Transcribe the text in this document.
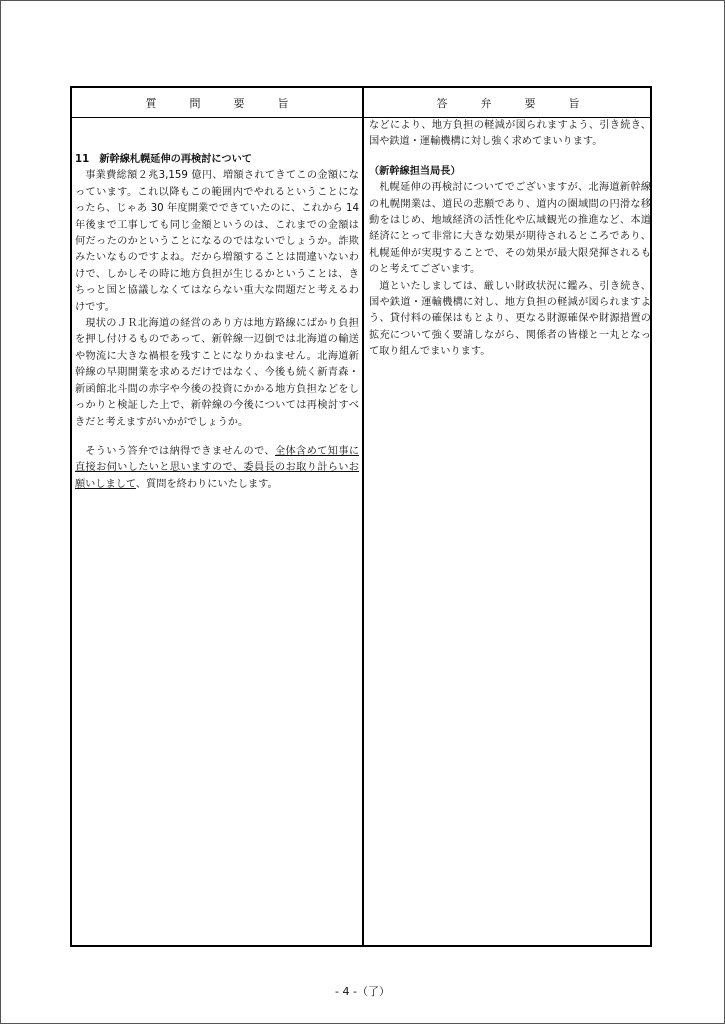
質　　　問　　　要　　　旨	答　　　弁　　　要　　　旨

11　新幹線札幌延伸の再検討について

事業費総額２兆3,159 億円、増額されてきてこの金額になっています。これ以降もこの範囲内でやれるということになったら、じゃあ 30 年度開業でできていたのに、これから 14 年後まで工事しても同じ金額というのは、これまでの金額は何だったのかということになるのではないでしょうか。詐欺みたいなものですよね。だから増額することは間違いないわけで、しかしその時に地方負担が生じるかということは、きちっと国と協議しなくてはならない重大な問題だと考えるわけです。

現状のＪＲ北海道の経営のあり方は地方路線にばかり負担を押し付けるものであって、新幹線一辺倒では北海道の輸送や物流に大きな禍根を残すことになりかねません。北海道新幹線の早期開業を求めるだけではなく、今後も続く新青森・新函館北斗間の赤字や今後の投資にかかる地方負担などをしっかりと検証した上で、新幹線の今後については再検討すべきだと考えますがいかがでしょうか。

そういう答弁では納得できませんので、全体含めて知事に直接お伺いしたいと思いますので、委員長のお取り計らいお願いしまして、質問を終わりにいたします。

などにより、地方負担の軽減が図られますよう、引き続き、国や鉄道・運輸機構に対し強く求めてまいります。

（新幹線担当局長）

札幌延伸の再検討についてでございますが、北海道新幹線の札幌開業は、道民の悲願であり、道内の圏域間の円滑な移動をはじめ、地域経済の活性化や広域観光の推進など、本道経済にとって非常に大きな効果が期待されるところであり、札幌延伸が実現することで、その効果が最大限発揮されるものと考えてございます。

道といたしましては、厳しい財政状況に鑑み、引き続き、国や鉄道・運輸機構に対し、地方負担の軽減が図られますよう、貸付料の確保はもとより、更なる財源確保や財源措置の拡充について強く要請しながら、関係者の皆様と一丸となって取り組んでまいります。

- 4 -（了）
